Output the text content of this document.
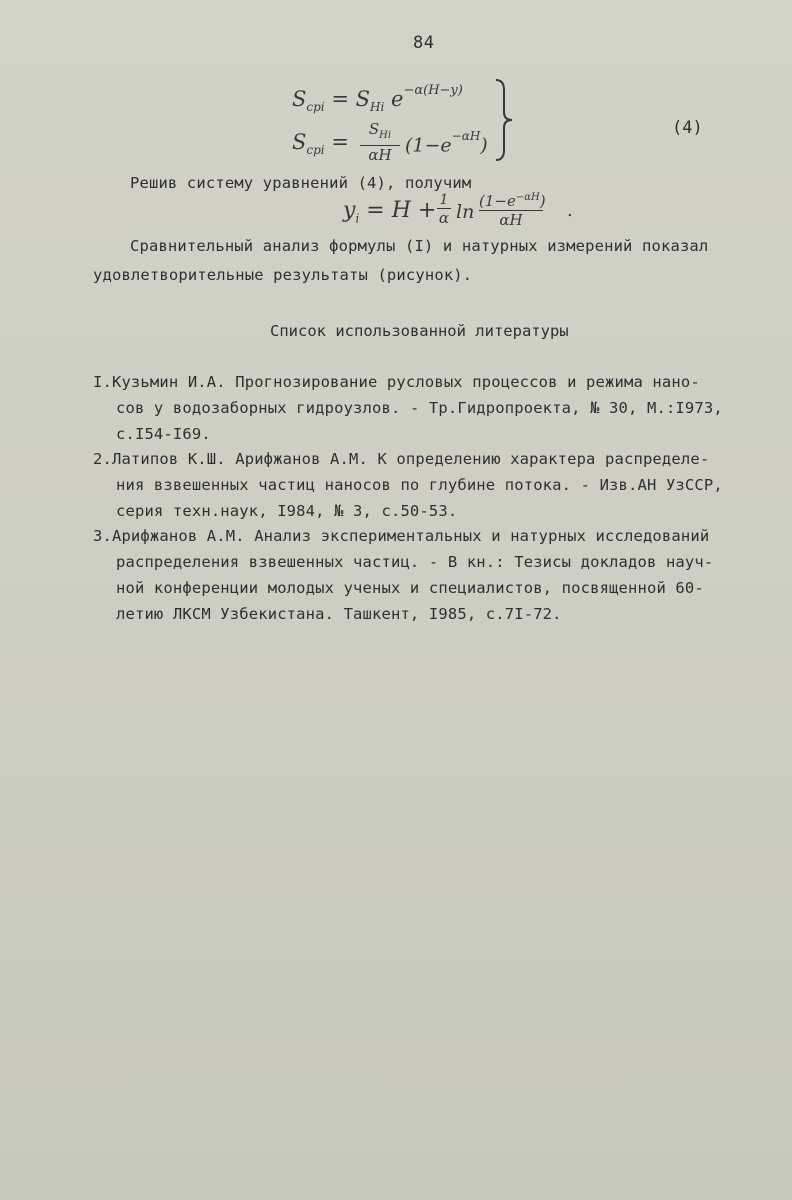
84
$S_{cpi} = S_{Hi}$ $e^{-\alpha(H-y)}$
$S_{cpi}$ =
$S_{Hi}$
αH $(1-e^{-\alpha H})$
(4)
Решив систему уравнений (4), получим
$y_i = H + \frac{1}{\alpha}$ $\ln (1-e^{-\alpha H})$
αH	.
Сравнительный анализ формулы (I) и натурных измерений показал
удовлетворительные результаты (рисунок).
Список использованной литературы
I.Кузьмин И.А. Прогнозирование русловых процессов и режима нано-
сов у водозаборных гидроузлов. - Тр.Гидропроекта, № 30, М.:I973,
с.I54-I69.
2.Латипов К.Ш. Арифжанов А.М. К определению характера распределе-
ния взвешенных частиц наносов по глубине потока. - Изв.АН УзССР,
серия техн.наук, I984, № 3, с.50-53.
3.Арифжанов А.М. Анализ экспериментальных и натурных исследований
распределения взвешенных частиц. - В кн.: Тезисы докладов науч-
ной конференции молодых ученых и специалистов, посвященной 60-
летию ЛКСМ Узбекистана. Ташкент, I985, с.7I-72.
